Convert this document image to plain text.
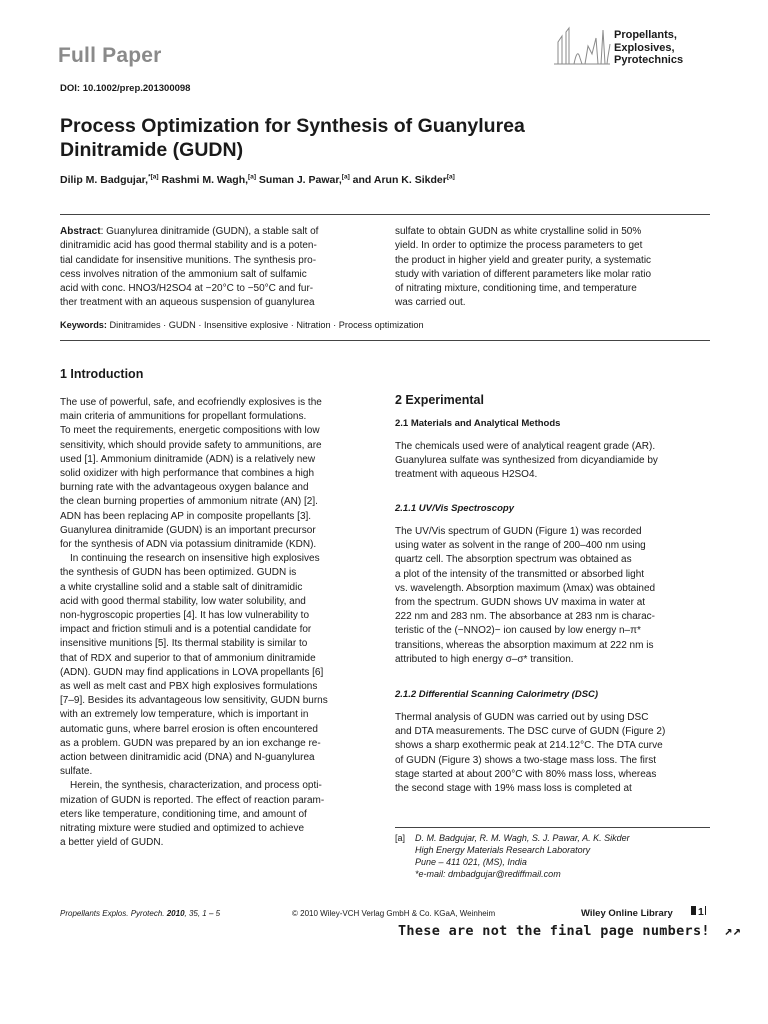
Full Paper
Propellants,
Explosives,
Pyrotechnics
DOI: 10.1002/prep.201300098
Process Optimization for Synthesis of Guanylurea
Dinitramide (GUDN)
Dilip M. Badgujar,$^{*[a]}$ Rashmi M. Wagh,[a] Suman J. Pawar,[a] and Arun K. Sikder[a]
Abstract: Guanylurea dinitramide (GUDN), a stable salt of
dinitramidic acid has good thermal stability and is a poten-
tial candidate for insensitive munitions. The synthesis pro-
cess involves nitration of the ammonium salt of sulfamic
acid with conc. HNO3/H2SO4 at −20°C to −50°C and fur-
ther treatment with an aqueous suspension of guanylurea
sulfate to obtain GUDN as white crystalline solid in 50%
yield. In order to optimize the process parameters to get
the product in higher yield and greater purity, a systematic
study with variation of different parameters like molar ratio
of nitrating mixture, conditioning time, and temperature
was carried out.
Keywords: Dinitramides · GUDN · Insensitive explosive · Nitration · Process optimization
1 Introduction
The use of powerful, safe, and ecofriendly explosives is the
main criteria of ammunitions for propellant formulations.
To meet the requirements, energetic compositions with low
sensitivity, which should provide safety to ammunitions, are
used [1]. Ammonium dinitramide (ADN) is a relatively new
solid oxidizer with high performance that combines a high
burning rate with the advantageous oxygen balance and
the clean burning properties of ammonium nitrate (AN) [2].
ADN has been replacing AP in composite propellants [3].
Guanylurea dinitramide (GUDN) is an important precursor
for the synthesis of ADN via potassium dinitramide (KDN).
In continuing the research on insensitive high explosives
the synthesis of GUDN has been optimized. GUDN is
a white crystalline solid and a stable salt of dinitramidic
acid with good thermal stability, low water solubility, and
non-hygroscopic properties [4]. It has low vulnerability to
impact and friction stimuli and is a potential candidate for
insensitive munitions [5]. Its thermal stability is similar to
that of RDX and superior to that of ammonium dinitramide
(ADN). GUDN may find applications in LOVA propellants [6]
as well as melt cast and PBX high explosives formulations
[7–9]. Besides its advantageous low sensitivity, GUDN burns
with an extremely low temperature, which is important in
automatic guns, where barrel erosion is often encountered
as a problem. GUDN was prepared by an ion exchange re-
action between dinitramidic acid (DNA) and N-guanylurea
sulfate.
Herein, the synthesis, characterization, and process opti-
mization of GUDN is reported. The effect of reaction param-
eters like temperature, conditioning time, and amount of
nitrating mixture were studied and optimized to achieve
a better yield of GUDN.
2 Experimental
2.1 Materials and Analytical Methods
The chemicals used were of analytical reagent grade (AR).
Guanylurea sulfate was synthesized from dicyandiamide by
treatment with aqueous H2SO4.
2.1.1 UV/Vis Spectroscopy
The UV/Vis spectrum of GUDN (Figure 1) was recorded
using water as solvent in the range of 200–400 nm using
quartz cell. The absorption spectrum was obtained as
a plot of the intensity of the transmitted or absorbed light
vs. wavelength. Absorption maximum (λmax) was obtained
from the spectrum. GUDN shows UV maxima in water at
222 nm and 283 nm. The absorbance at 283 nm is charac-
teristic of the (−NNO2)− ion caused by low energy n–π*
transitions, whereas the absorption maximum at 222 nm is
attributed to high energy σ–σ* transition.
2.1.2 Differential Scanning Calorimetry (DSC)
Thermal analysis of GUDN was carried out by using DSC
and DTA measurements. The DSC curve of GUDN (Figure 2)
shows a sharp exothermic peak at 214.12°C. The DTA curve
of GUDN (Figure 3) shows a two-stage mass loss. The first
stage started at about 200°C with 80% mass loss, whereas
the second stage with 19% mass loss is completed at
[a] D. M. Badgujar, R. M. Wagh, S. J. Pawar, A. K. Sikder
High Energy Materials Research Laboratory
Pune – 411 021, (MS), India
*e-mail: dmbadgujar@rediffmail.com
Propellants Explos. Pyrotech. 2010, 35, 1 – 5	© 2010 Wiley-VCH Verlag GmbH & Co. KGaA, Weinheim	Wiley Online Library	1
These are not the final page numbers! ↗↗
